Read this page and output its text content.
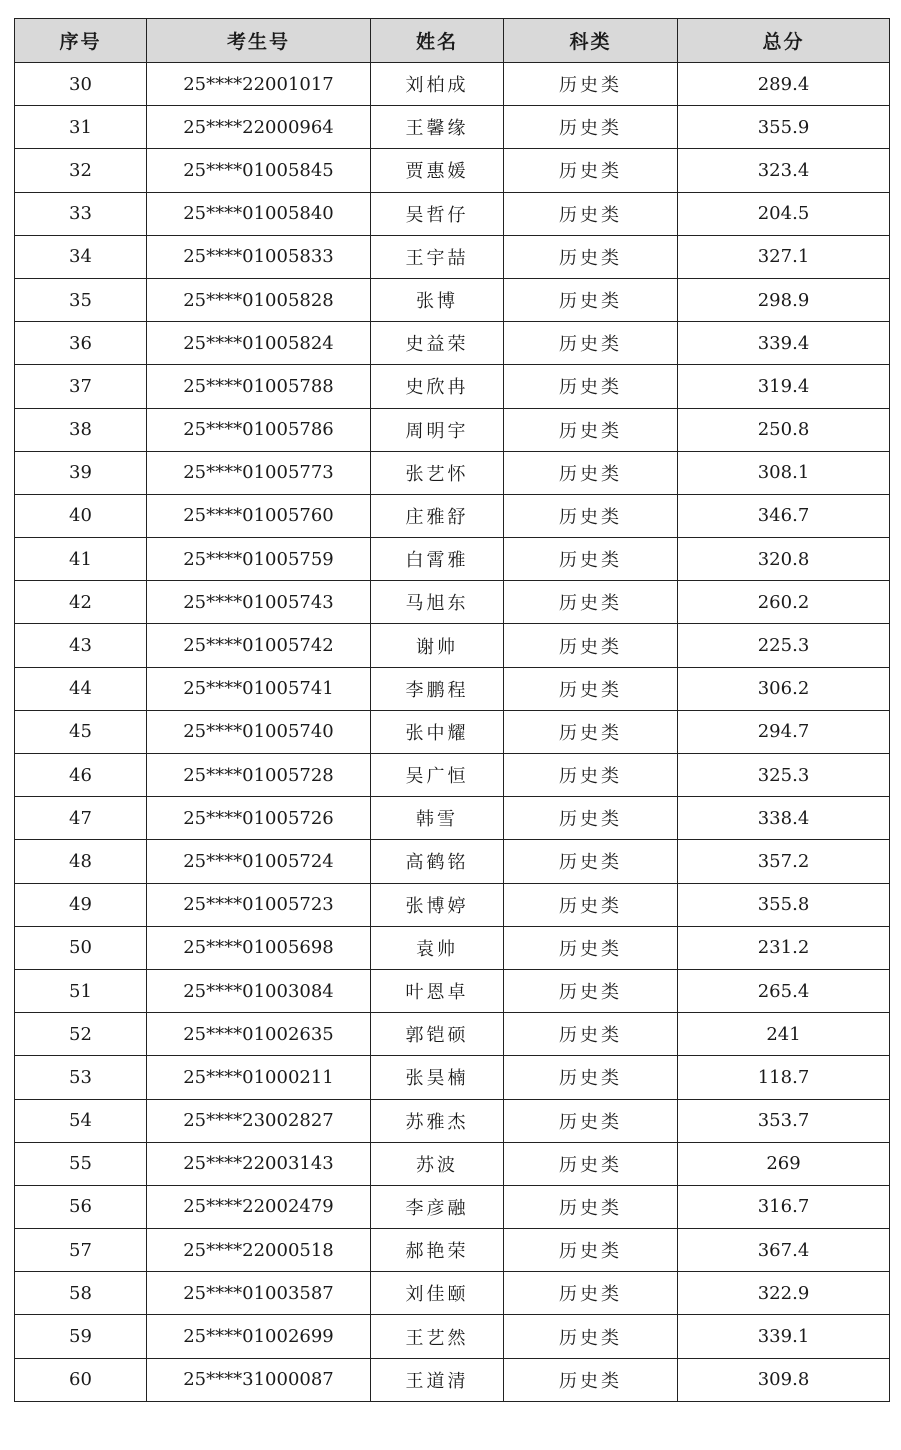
序号	考生号	姓名	科类	总分
30	25****22001017	刘柏成	历史类	289.4
31	25****22000964	王馨缘	历史类	355.9
32	25****01005845	贾惠媛	历史类	323.4
33	25****01005840	吴哲仔	历史类	204.5
34	25****01005833	王宇喆	历史类	327.1
35	25****01005828	张博	历史类	298.9
36	25****01005824	史益荣	历史类	339.4
37	25****01005788	史欣冉	历史类	319.4
38	25****01005786	周明宇	历史类	250.8
39	25****01005773	张艺怀	历史类	308.1
40	25****01005760	庄雅舒	历史类	346.7
41	25****01005759	白霄雅	历史类	320.8
42	25****01005743	马旭东	历史类	260.2
43	25****01005742	谢帅	历史类	225.3
44	25****01005741	李鹏程	历史类	306.2
45	25****01005740	张中耀	历史类	294.7
46	25****01005728	吴广恒	历史类	325.3
47	25****01005726	韩雪	历史类	338.4
48	25****01005724	高鹤铭	历史类	357.2
49	25****01005723	张博婷	历史类	355.8
50	25****01005698	袁帅	历史类	231.2
51	25****01003084	叶恩卓	历史类	265.4
52	25****01002635	郭铠硕	历史类	241
53	25****01000211	张昊楠	历史类	118.7
54	25****23002827	苏雅杰	历史类	353.7
55	25****22003143	苏波	历史类	269
56	25****22002479	李彦融	历史类	316.7
57	25****22000518	郝艳荣	历史类	367.4
58	25****01003587	刘佳颐	历史类	322.9
59	25****01002699	王艺然	历史类	339.1
60	25****31000087	王道清	历史类	309.8
